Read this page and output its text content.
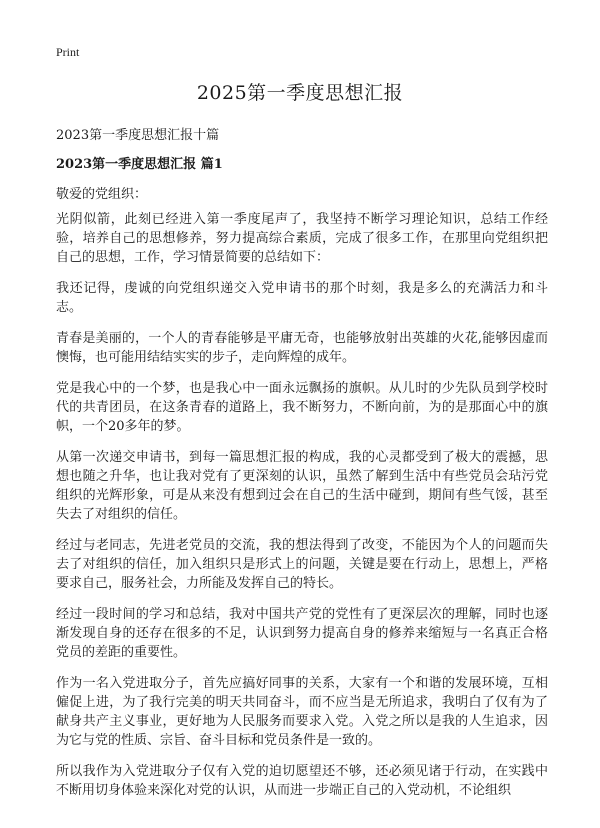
Print
2025第一季度思想汇报
2023第一季度思想汇报十篇
2023第一季度思想汇报 篇1
敬爱的党组织：

光阴似箭，此刻已经进入第一季度尾声了，我坚持不断学习理论知识，总结工作经验，培养自己的思想修养，努力提高综合素质，完成了很多工作，在那里向党组织把自己的思想，工作，学习情景简要的总结如下：

我还记得，虔诚的向党组织递交入党申请书的那个时刻，我是多么的充满活力和斗志。

青春是美丽的，一个人的青春能够是平庸无奇，也能够放射出英雄的火花,能够因虚而懊悔，也可能用结结实实的步子，走向辉煌的成年。

党是我心中的一个梦，也是我心中一面永远飘扬的旗帜。从儿时的少先队员到学校时代的共青团员，在这条青春的道路上，我不断努力，不断向前，为的是那面心中的旗帜，一个20多年的梦。

从第一次递交申请书，到每一篇思想汇报的构成，我的心灵都受到了极大的震撼，思想也随之升华，也让我对党有了更深刻的认识，虽然了解到生活中有些党员会玷污党组织的光辉形象，可是从来没有想到过会在自己的生活中碰到，期间有些气馁，甚至失去了对组织的信任。

经过与老同志，先进老党员的交流，我的想法得到了改变，不能因为个人的问题而失去了对组织的信任，加入组织只是形式上的问题，关键是要在行动上，思想上，严格要求自己，服务社会，力所能及发挥自己的特长。

经过一段时间的学习和总结，我对中国共产党的党性有了更深层次的理解，同时也逐渐发现自身的还存在很多的不足，认识到努力提高自身的修养来缩短与一名真正合格党员的差距的重要性。

作为一名入党进取分子，首先应搞好同事的关系，大家有一个和谐的发展环境，互相僱促上进，为了我行完美的明天共同奋斗，而不应当是无所追求，我明白了仅有为了献身共产主义事业，更好地为人民服务而要求入党。入党之所以是我的人生追求，因为它与党的性质、宗旨、奋斗目标和党员条件是一致的。

所以我作为入党进取分子仅有入党的迫切愿望还不够，还必须见诸于行动，在实践中不断用切身体验来深化对党的认识，从而进一步端正自己的入党动机，不论组织
